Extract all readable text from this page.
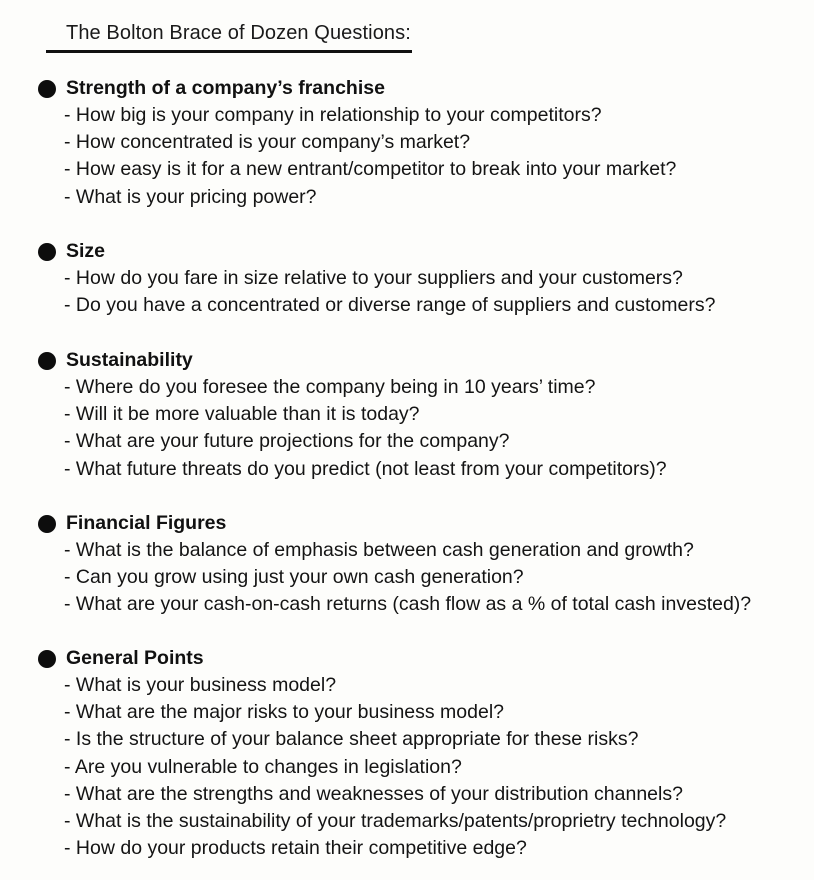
The Bolton Brace of Dozen Questions:
Strength of a company’s franchise
- How big is your company in relationship to your competitors?
- How concentrated is your company’s market?
- How easy is it for a new entrant/competitor to break into your market?
- What is your pricing power?
Size
- How do you fare in size relative to your suppliers and your customers?
- Do you have a concentrated or diverse range of suppliers and customers?
Sustainability
- Where do you foresee the company being in 10 years’ time?
- Will it be more valuable than it is today?
- What are your future projections for the company?
- What future threats do you predict (not least from your competitors)?
Financial Figures
- What is the balance of emphasis between cash generation and growth?
- Can you grow using just your own cash generation?
- What are your cash-on-cash returns (cash flow as a % of total cash invested)?
General Points
- What is your business model?
- What are the major risks to your business model?
- Is the structure of your balance sheet appropriate for these risks?
- Are you vulnerable to changes in legislation?
- What are the strengths and weaknesses of your distribution channels?
- What is the sustainability of your trademarks/patents/proprietry technology?
- How do your products retain their competitive edge?
